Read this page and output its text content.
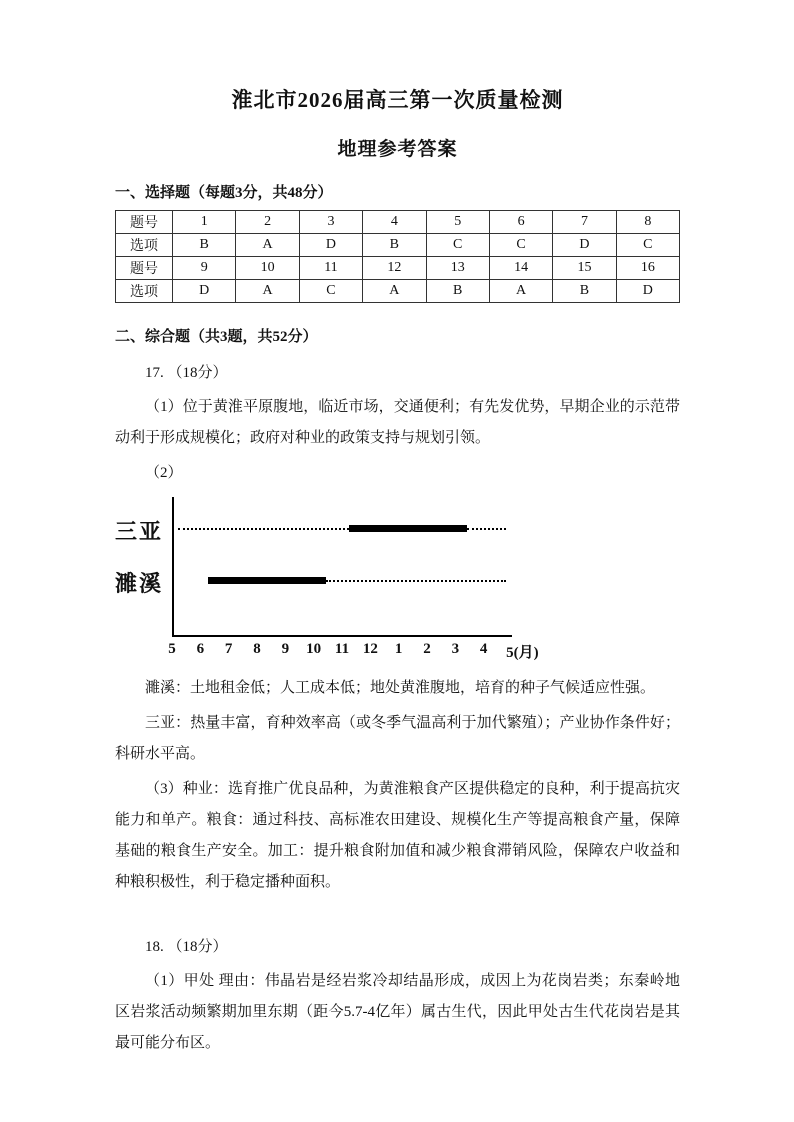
淮北市2026届高三第一次质量检测
地理参考答案

一、选择题（每题3分，共48分）

题号	1	2	3	4	5	6	7	8
选项	B	A	D	B	C	C	D	C
题号	9	10	11	12	13	14	15	16
选项	D	A	C	A	B	A	B	D

二、综合题（共3题，共52分）

17. （18分）

（1）位于黄淮平原腹地，临近市场，交通便利；有先发优势，早期企业的示范带动利于形成规模化；政府对种业的政策支持与规划引领。

（2）

三亚
濉溪
5 6 7 8 9 10 11 12 1 2 3 4 5(月)

濉溪：土地租金低；人工成本低；地处黄淮腹地，培育的种子气候适应性强。

三亚：热量丰富，育种效率高（或冬季气温高利于加代繁殖）；产业协作条件好；科研水平高。

（3）种业：选育推广优良品种，为黄淮粮食产区提供稳定的良种，利于提高抗灾能力和单产。粮食：通过科技、高标准农田建设、规模化生产等提高粮食产量，保障基础的粮食生产安全。加工：提升粮食附加值和减少粮食滞销风险，保障农户收益和种粮积极性，利于稳定播种面积。

18. （18分）

（1）甲处 理由：伟晶岩是经岩浆冷却结晶形成，成因上为花岗岩类；东秦岭地区岩浆活动频繁期加里东期（距今5.7-4亿年）属古生代，因此甲处古生代花岗岩是其最可能分布区。
